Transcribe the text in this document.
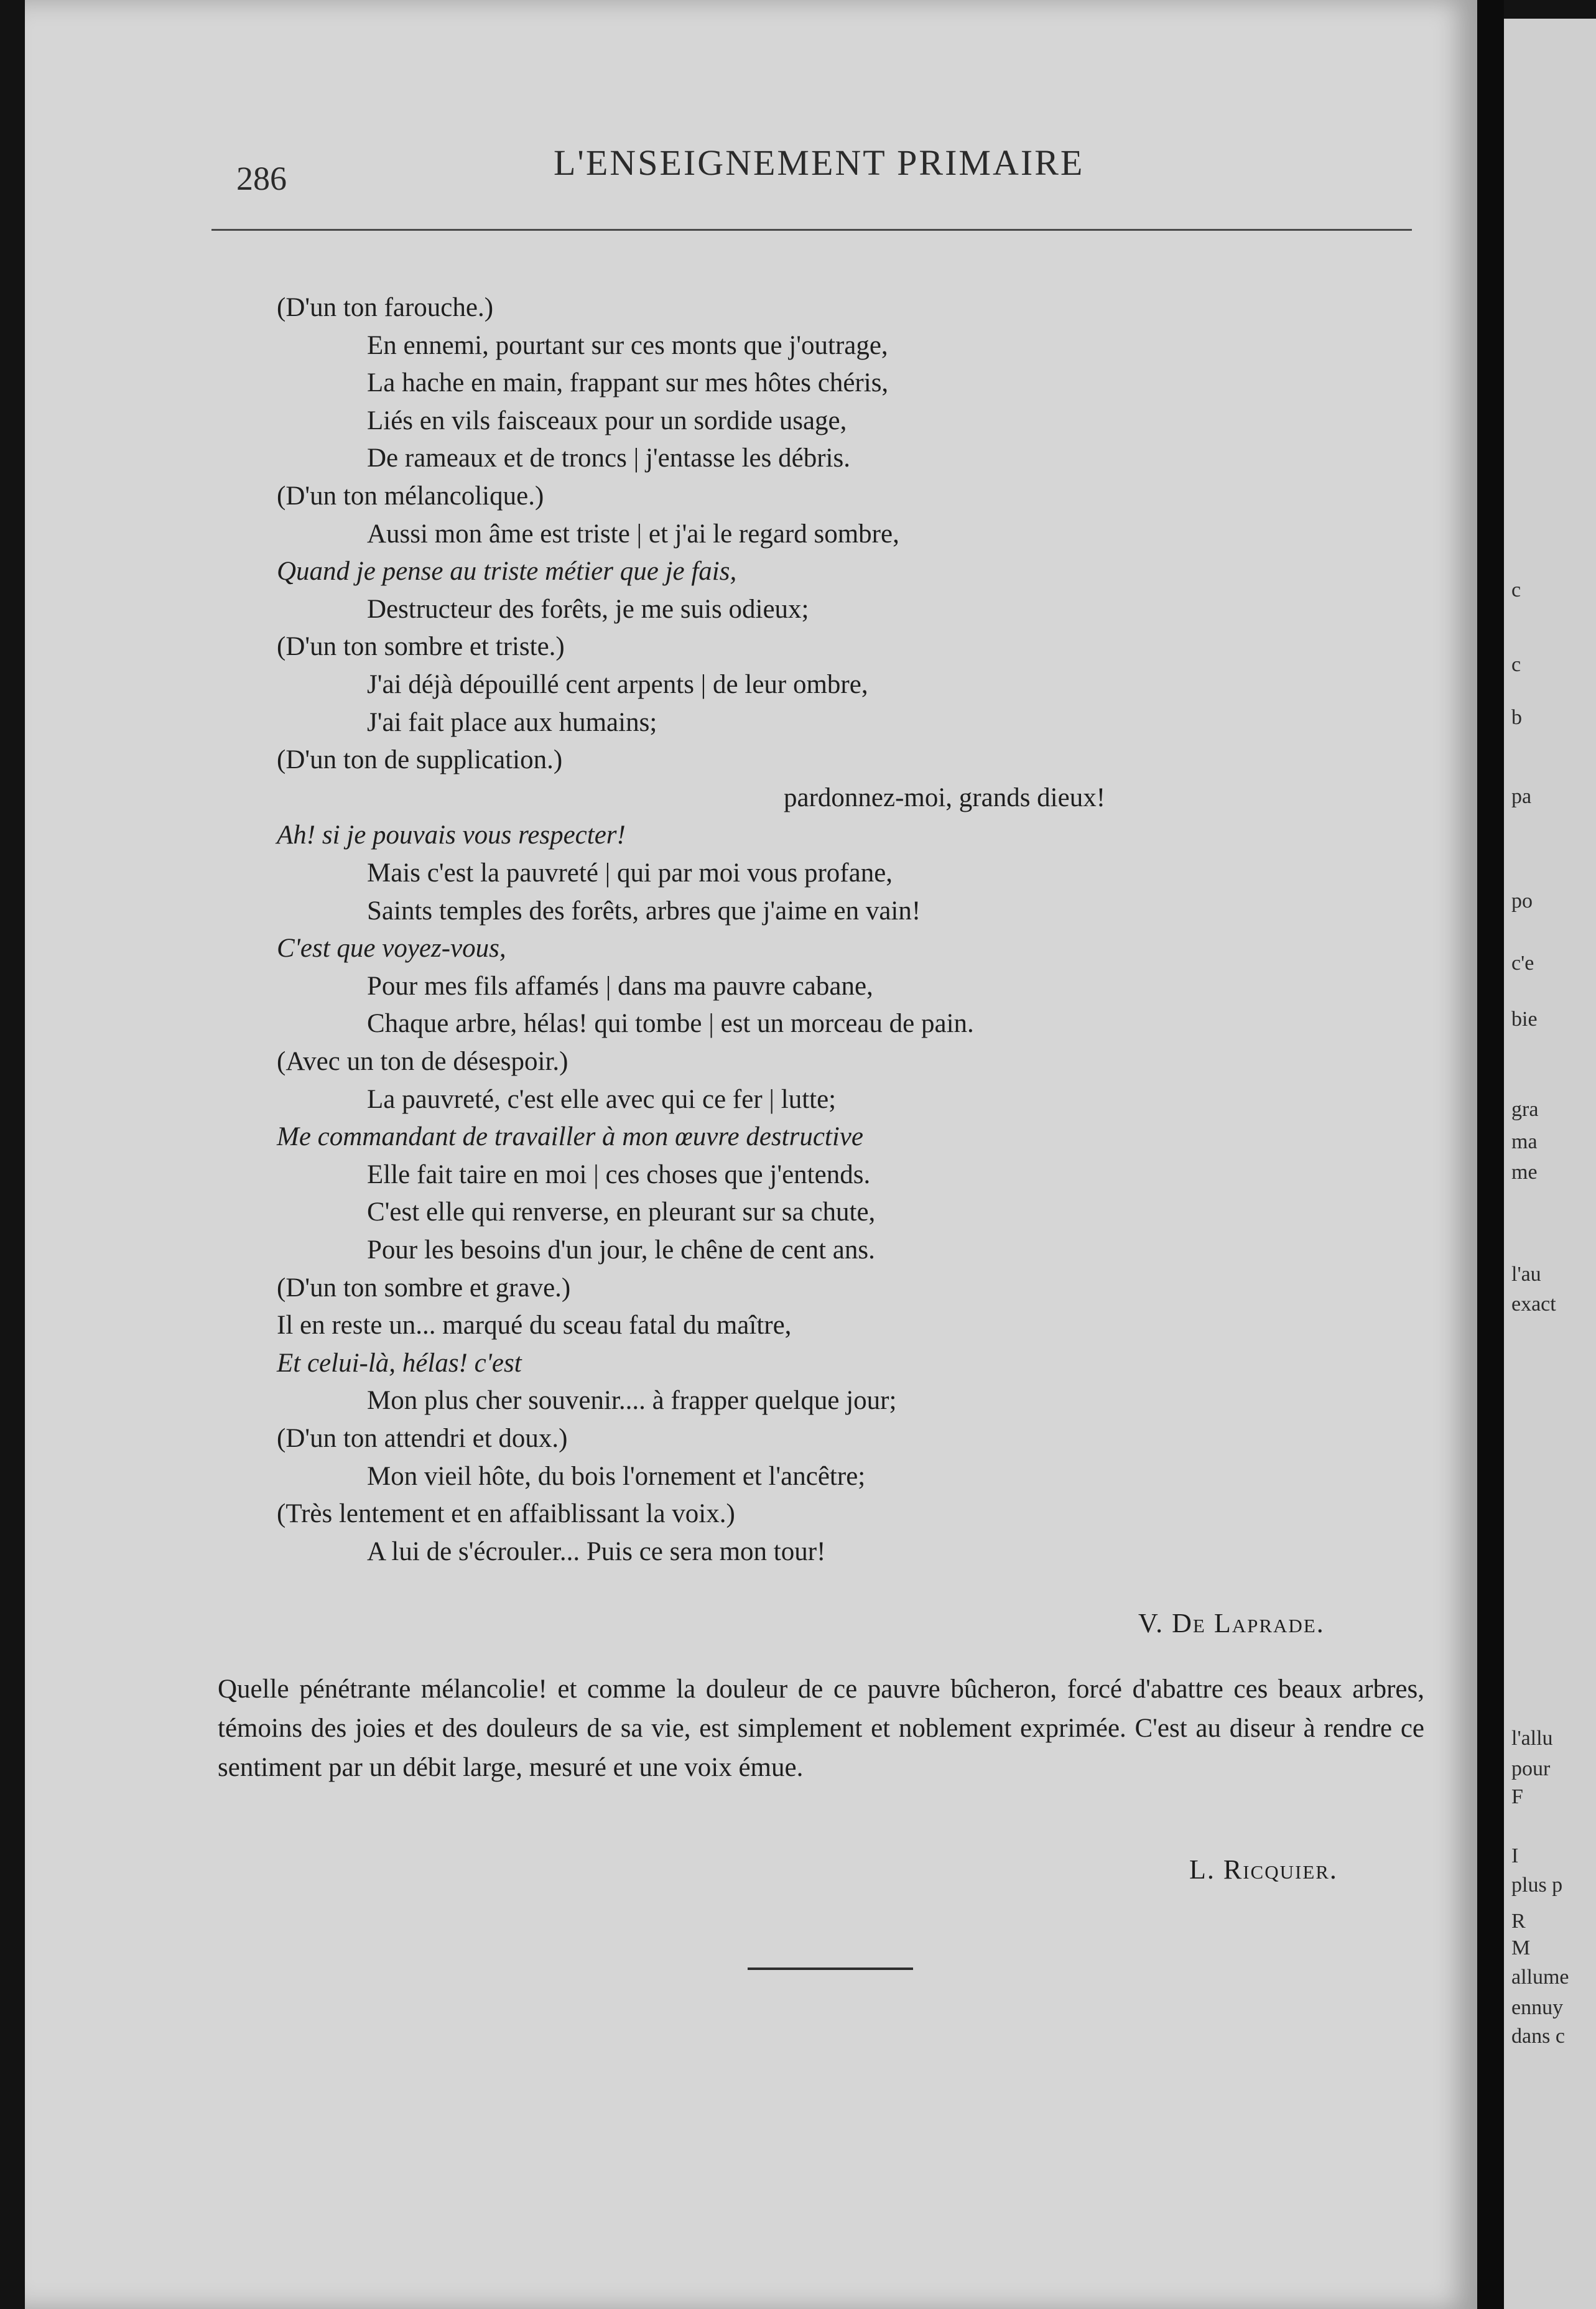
286	L'ENSEIGNEMENT PRIMAIRE
(D'un ton farouche.)
En ennemi, pourtant sur ces monts que j'outrage,
La hache en main, frappant sur mes hôtes chéris,
Liés en vils faisceaux pour un sordide usage,
De rameaux et de troncs | j'entasse les débris.
(D'un ton mélancolique.)
Aussi mon âme est triste | et j'ai le regard sombre,
Quand je pense au triste métier que je fais,
Destructeur des forêts, je me suis odieux;
(D'un ton sombre et triste.)
J'ai déjà dépouillé cent arpents | de leur ombre,
J'ai fait place aux humains;
(D'un ton de supplication.)
pardonnez-moi, grands dieux!
Ah! si je pouvais vous respecter!
Mais c'est la pauvreté | qui par moi vous profane,
Saints temples des forêts, arbres que j'aime en vain!
C'est que voyez-vous,
Pour mes fils affamés | dans ma pauvre cabane,
Chaque arbre, hélas! qui tombe | est un morceau de pain.
(Avec un ton de désespoir.)
La pauvreté, c'est elle avec qui ce fer | lutte;
Me commandant de travailler à mon œuvre destructive
Elle fait taire en moi | ces choses que j'entends.
C'est elle qui renverse, en pleurant sur sa chute,
Pour les besoins d'un jour, le chêne de cent ans.
(D'un ton sombre et grave.)
Il en reste un... marqué du sceau fatal du maître,
Et celui-là, hélas! c'est
Mon plus cher souvenir.... à frapper quelque jour;
(D'un ton attendri et doux.)
Mon vieil hôte, du bois l'ornement et l'ancêtre;
(Très lentement et en affaiblissant la voix.)
A lui de s'écrouler... Puis ce sera mon tour!
V. De Laprade.
Quelle pénétrante mélancolie! et comme la douleur de ce pauvre bûcheron, forcé d'abattre ces beaux arbres, témoins des joies et des douleurs de sa vie, est simplement et noblement exprimée. C'est au diseur à rendre ce sentiment par un débit large, mesuré et une voix émue.
L. Ricquier.
c
c
b
pa
po
c'e
bie
gra
ma
me
l'au
exact
l'allu
pour
F
I
plus p
R
M
allume
ennuy
dans c
